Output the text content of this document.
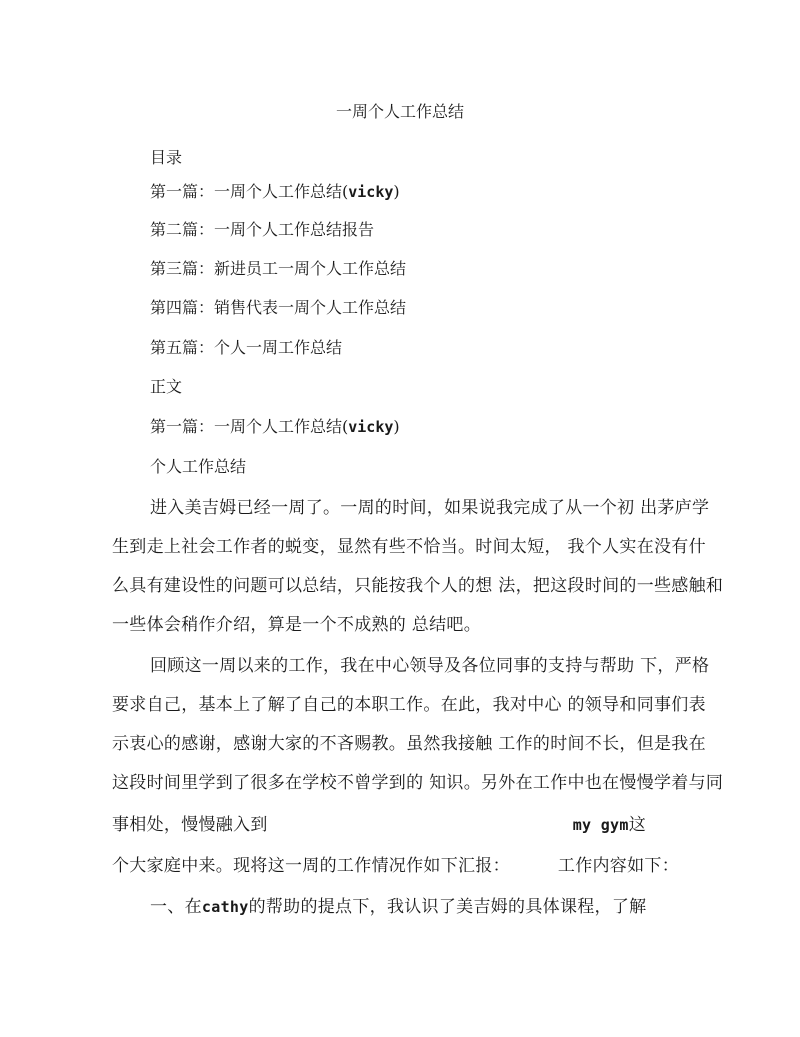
一周个人工作总结
目录
第一篇：一周个人工作总结(vicky)
第二篇：一周个人工作总结报告
第三篇：新进员工一周个人工作总结
第四篇：销售代表一周个人工作总结
第五篇：个人一周工作总结
正文
第一篇：一周个人工作总结(vicky)
个人工作总结
进入美吉姆已经一周了。一周的时间，如果说我完成了从一个初 出茅庐学
生到走上社会工作者的蜕变，显然有些不恰当。时间太短， 我个人实在没有什
么具有建设性的问题可以总结，只能按我个人的想 法，把这段时间的一些感触和
一些体会稍作介绍，算是一个不成熟的 总结吧。
回顾这一周以来的工作，我在中心领导及各位同事的支持与帮助 下，严格
要求自己，基本上了解了自己的本职工作。在此，我对中心 的领导和同事们表
示衷心的感谢，感谢大家的不吝赐教。虽然我接触 工作的时间不长，但是我在
这段时间里学到了很多在学校不曾学到的 知识。另外在工作中也在慢慢学着与同
事相处，慢慢融入到	my gym这
个大家庭中来。现将这一周的工作情况作如下汇报：	工作内容如下：
一、在cathy的帮助的提点下，我认识了美吉姆的具体课程，了解
